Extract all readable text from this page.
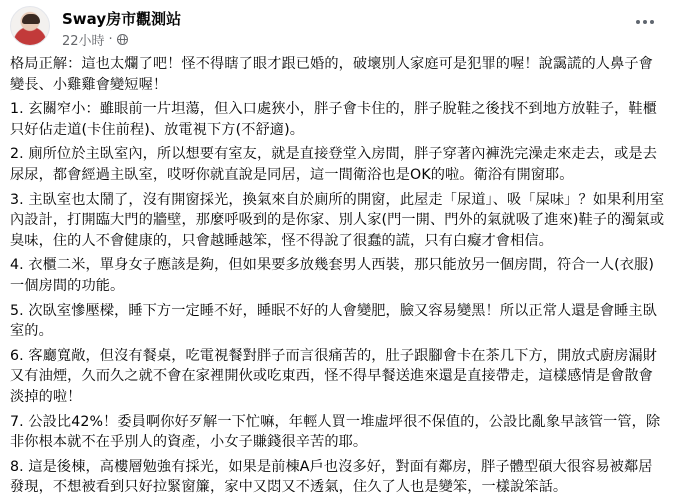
Sway房市觀測站
22小時 ·

格局正解：這也太爛了吧！怪不得瞎了眼才跟已婚的，破壞別人家庭可是犯罪的喔！說靄謊的人鼻子會變長、小雞雞會變短喔！

1. 玄關窄小：雖眼前一片坦蕩，但入口處狹小，胖子會卡住的，胖子脫鞋之後找不到地方放鞋子，鞋櫃只好佔走道(卡住前程)、放電視下方(不舒適)。

2. 廁所位於主臥室內，所以想要有室友，就是直接登堂入房間，胖子穿著內褲洗完澡走來走去，或是去尿尿，都會經過主臥室，哎呀你就直說是同居，這一間衛浴也是OK的啦。衛浴有開窗耶。

3. 主臥室也太鬧了，沒有開窗採光，換氣來自於廁所的開窗，此屋走「尿道」、吸「屎味」？如果利用室內設計，打開臨大門的牆壁，那麼呼吸到的是你家、別人家(門一開、門外的氣就吸了進來)鞋子的濁氣或臭味，住的人不會健康的，只會越睡越笨，怪不得說了很蠢的謊，只有白癡才會相信。

4. 衣櫃二米，單身女子應該是夠，但如果要多放幾套男人西裝，那只能放另一個房間，符合一人(衣服)一個房間的功能。

5. 次臥室慘壓樑，睡下方一定睡不好，睡眠不好的人會變肥，臉又容易變黑！所以正常人還是會睡主臥室的。

6. 客廳寬敞，但沒有餐桌，吃電視餐對胖子而言很痛苦的，肚子跟腳會卡在茶几下方，開放式廚房漏財又有油煙，久而久之就不會在家裡開伙或吃東西，怪不得早餐送進來還是直接帶走，這樣感情是會散會淡掉的啦！

7. 公設比42%！委員啊你好歹解一下忙嘛，年輕人買一堆虛坪很不保值的，公設比亂象早該管一管，除非你根本就不在乎別人的資產，小女子賺錢很辛苦的耶。

8. 這是後棟，高樓層勉強有採光，如果是前棟A戶也沒多好，對面有鄰房，胖子體型碩大很容易被鄰居發現，不想被看到只好拉緊窗簾，家中又悶又不透氣，住久了人也是變笨，一樣說笨話。
